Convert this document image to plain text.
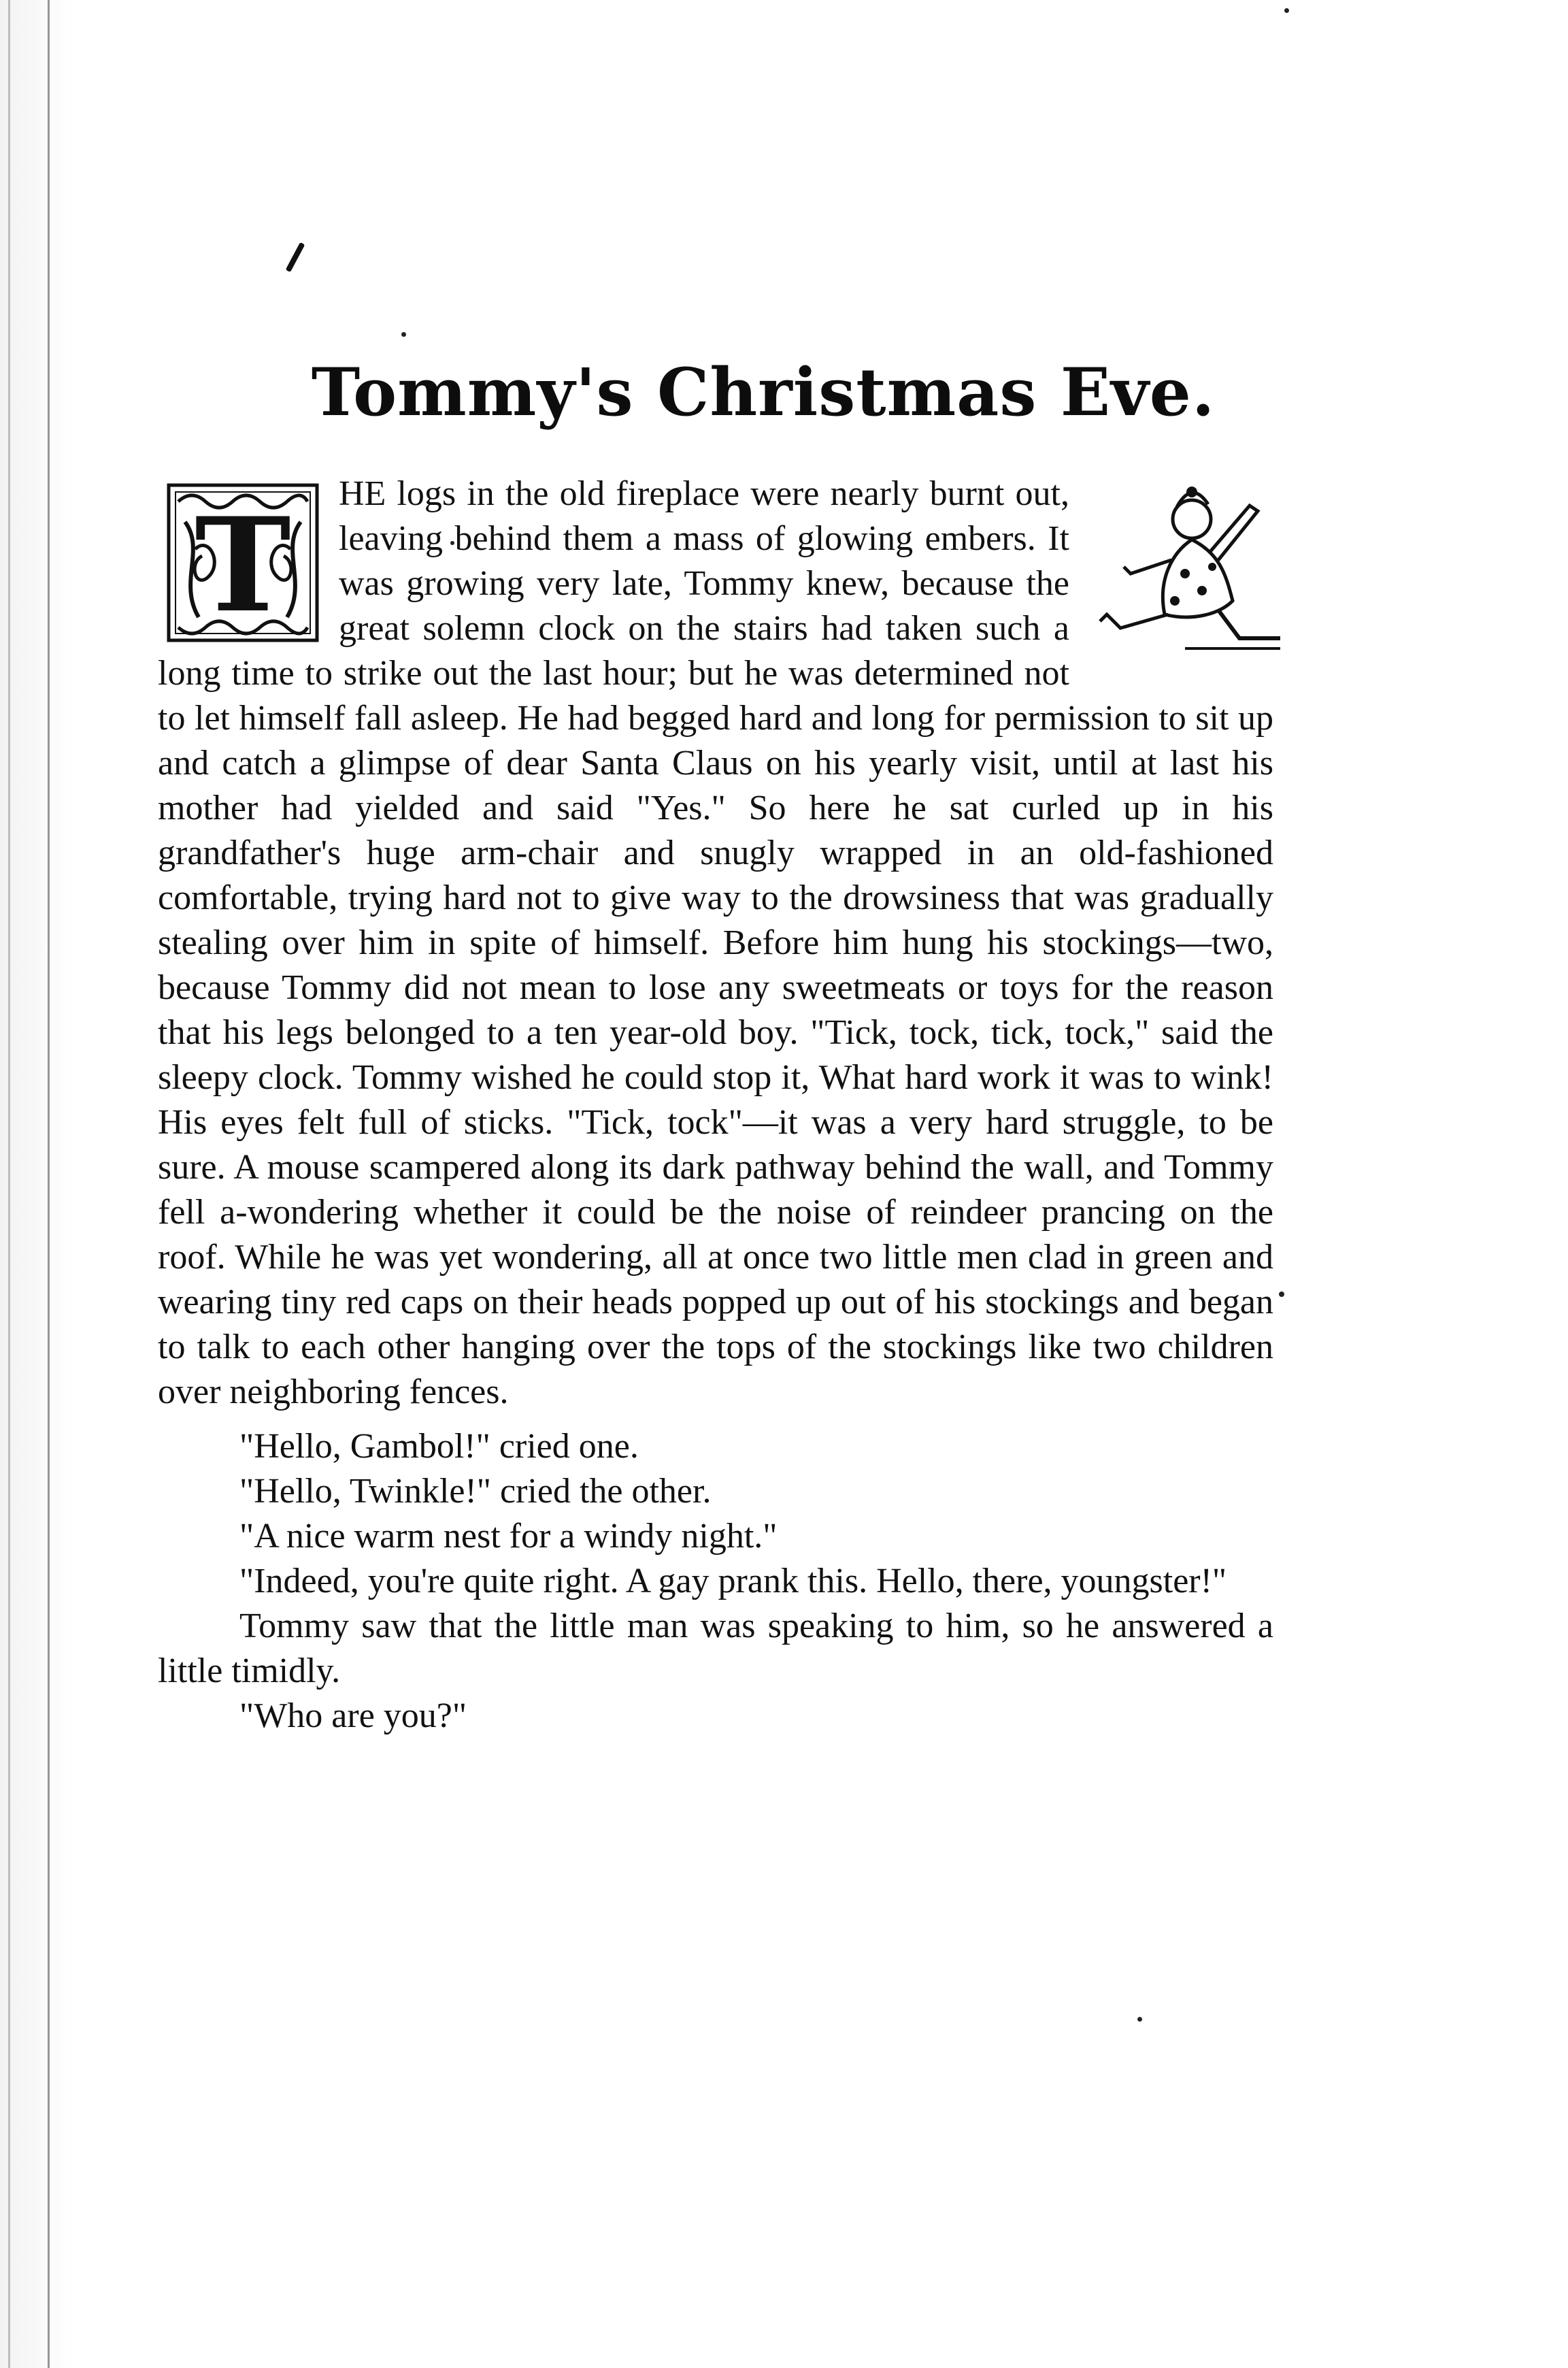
Tommy's Christmas Eve.

T HE logs in the old fireplace were nearly burnt out, leaving behind them a mass of glowing embers. It was growing very late, Tommy knew, because the great solemn clock on the stairs had taken such a long time to strike out the last hour; but he was determined not to let himself fall asleep. He had begged hard and long for permission to sit up and catch a glimpse of dear Santa Claus on his yearly visit, until at last his mother had yielded and said "Yes." So here he sat curled up in his grandfather's huge arm-chair and snugly wrapped in an old-fashioned comfortable, trying hard not to give way to the drowsiness that was gradually stealing over him in spite of himself. Before him hung his stockings—two, because Tommy did not mean to lose any sweetmeats or toys for the reason that his legs belonged to a ten year-old boy. "Tick, tock, tick, tock," said the sleepy clock. Tommy wished he could stop it, What hard work it was to wink! His eyes felt full of sticks. "Tick, tock"—it was a very hard struggle, to be sure. A mouse scampered along its dark pathway behind the wall, and Tommy fell a-wondering whether it could be the noise of reindeer prancing on the roof. While he was yet wondering, all at once two little men clad in green and wearing tiny red caps on their heads popped up out of his stockings and began to talk to each other hanging over the tops of the stockings like two children over neighboring fences.

"Hello, Gambol!" cried one.

"Hello, Twinkle!" cried the other.

"A nice warm nest for a windy night."

"Indeed, you're quite right. A gay prank this. Hello, there, youngster!"

Tommy saw that the little man was speaking to him, so he answered a little timidly.

"Who are you?"
